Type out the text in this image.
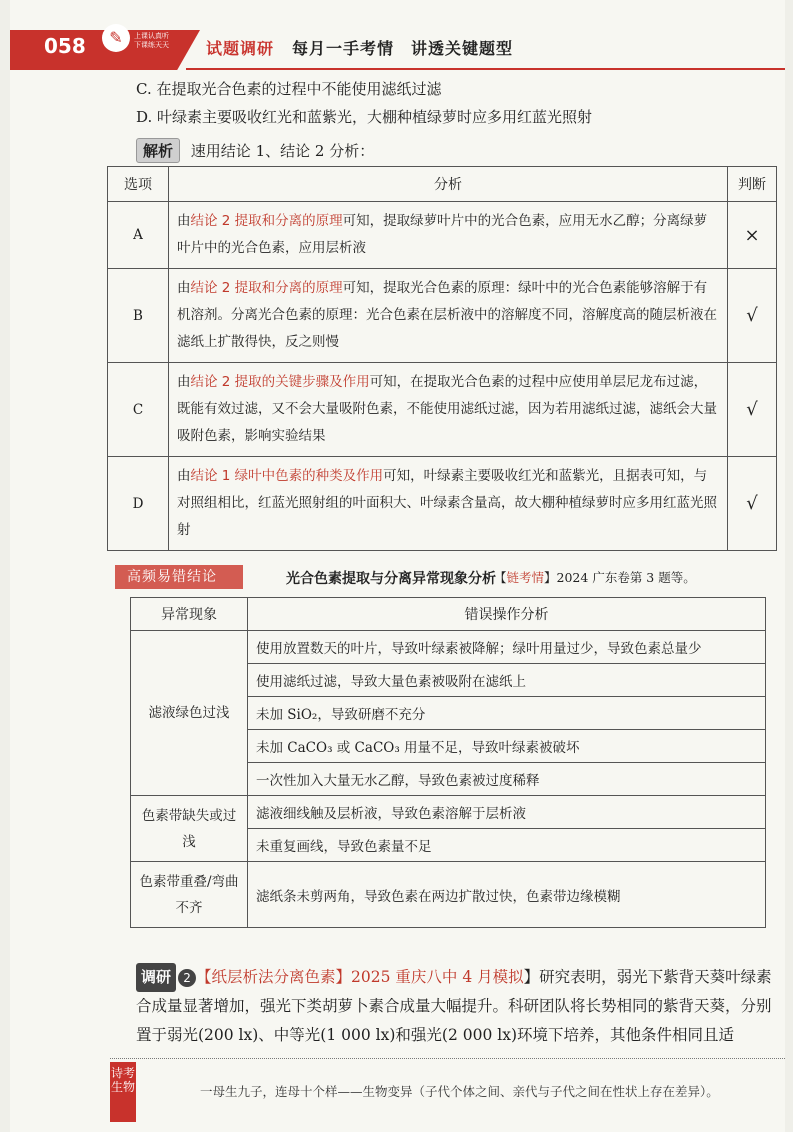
058	✎	上课认真听
下课练天天 试题调研 每月一手考情　讲透关键题型
C. 在提取光合色素的过程中不能使用滤纸过滤
D. 叶绿素主要吸收红光和蓝紫光，大棚种植绿萝时应多用红蓝光照射
解析 速用结论 1、结论 2 分析：
选项	分析	判断
A	由结论 2 提取和分离的原理可知，提取绿萝叶片中的光合色素，应用无水乙醇；分离绿萝叶片中的光合色素，应用层析液	×
B	由结论 2 提取和分离的原理可知，提取光合色素的原理：绿叶中的光合色素能够溶解于有机溶剂。分离光合色素的原理：光合色素在层析液中的溶解度不同，溶解度高的随层析液在滤纸上扩散得快，反之则慢	√
C	由结论 2 提取的关键步骤及作用可知，在提取光合色素的过程中应使用单层尼龙布过滤，既能有效过滤，又不会大量吸附色素，不能使用滤纸过滤，因为若用滤纸过滤，滤纸会大量吸附色素，影响实验结果	√
D	由结论 1 绿叶中色素的种类及作用可知，叶绿素主要吸收红光和蓝紫光，且据表可知，与对照组相比，红蓝光照射组的叶面积大、叶绿素含量高，故大棚种植绿萝时应多用红蓝光照射	√
高频易错结论	光合色素提取与分离异常现象分析
【链考情】2024 广东卷第 3 题等。
异常现象	错误操作分析
滤液绿色过浅	使用放置数天的叶片，导致叶绿素被降解；绿叶用量过少，导致色素总量少
	使用滤纸过滤，导致大量色素被吸附在滤纸上
	未加 SiO₂，导致研磨不充分
	未加 CaCO₃ 或 CaCO₃ 用量不足，导致叶绿素被破坏
	一次性加入大量无水乙醇，导致色素被过度稀释
色素带缺失或过浅	滤液细线触及层析液，导致色素溶解于层析液
	未重复画线，导致色素量不足
色素带重叠/弯曲不齐	滤纸条未剪两角，导致色素在两边扩散过快，色素带边缘模糊
调研 2 【纸层析法分离色素】2025 重庆八中 4 月模拟】研究表明，弱光下紫背天葵叶绿素合成量显著增加，强光下类胡萝卜素合成量大幅提升。科研团队将长势相同的紫背天葵，分别置于弱光(200 lx)、中等光(1 000 lx)和强光(2 000 lx)环境下培养，其他条件相同且适
诗考生物	一母生九子，连母十个样——生物变异（子代个体之间、亲代与子代之间在性状上存在差异）。
